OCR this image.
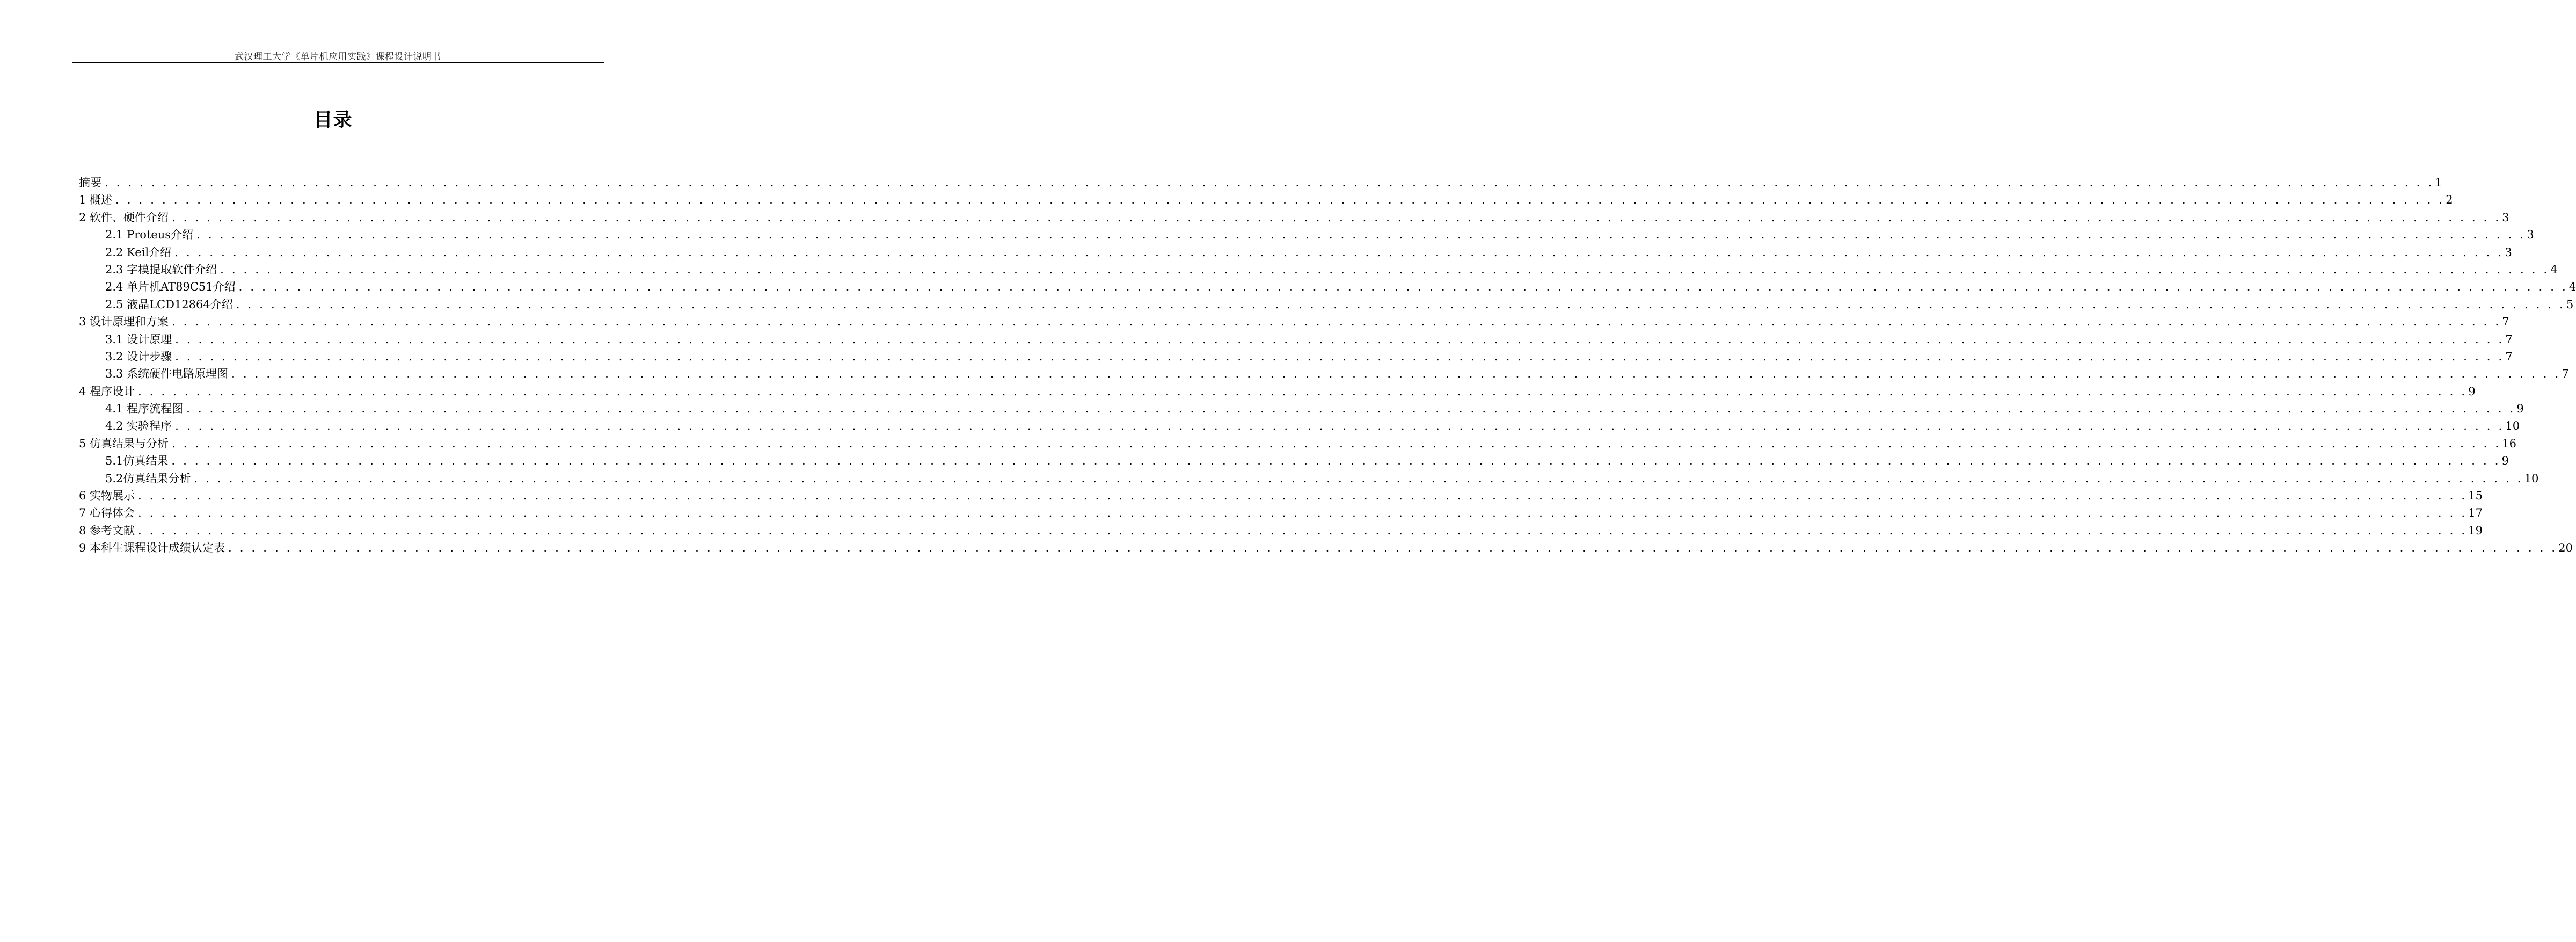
武汉理工大学《单片机应用实践》课程设计说明书
目录
摘要 . . . . . . . . . . . . . . . . . . . . . . . . . . . . . . . . . . . . . . . . . . . . . . . . . . . . . . . . . . . . . . . . . . . . . . . . . . . . . . . . . . . . . . . . . . . . . . . . . . . . . . . . . . . . . . . . . . . . . . . . . . . . . . . . . . . . . . . . . . . . . . . . . . . . . . . . . . . . . . . . . . . . . . . . . . . . . . . . . . . . . . . . . . . . . . . . . . . . . . . . 1
1 概述 . . . . . . . . . . . . . . . . . . . . . . . . . . . . . . . . . . . . . . . . . . . . . . . . . . . . . . . . . . . . . . . . . . . . . . . . . . . . . . . . . . . . . . . . . . . . . . . . . . . . . . . . . . . . . . . . . . . . . . . . . . . . . . . . . . . . . . . . . . . . . . . . . . . . . . . . . . . . . . . . . . . . . . . . . . . . . . . . . . . . . . . . . . . . . . . . . . . . . . . . 2
2 软件、硬件介绍 . . . . . . . . . . . . . . . . . . . . . . . . . . . . . . . . . . . . . . . . . . . . . . . . . . . . . . . . . . . . . . . . . . . . . . . . . . . . . . . . . . . . . . . . . . . . . . . . . . . . . . . . . . . . . . . . . . . . . . . . . . . . . . . . . . . . . . . . . . . . . . . . . . . . . . . . . . . . . . . . . . . . . . . . . . . . . . . . . . . . . . . . . . . . . . . . . . . . . . . . 3
2.1 Proteus介绍 . . . . . . . . . . . . . . . . . . . . . . . . . . . . . . . . . . . . . . . . . . . . . . . . . . . . . . . . . . . . . . . . . . . . . . . . . . . . . . . . . . . . . . . . . . . . . . . . . . . . . . . . . . . . . . . . . . . . . . . . . . . . . . . . . . . . . . . . . . . . . . . . . . . . . . . . . . . . . . . . . . . . . . . . . . . . . . . . . . . . . . . . . . . . . . . . . . . . . . . . 3
2.2 Keil介绍 . . . . . . . . . . . . . . . . . . . . . . . . . . . . . . . . . . . . . . . . . . . . . . . . . . . . . . . . . . . . . . . . . . . . . . . . . . . . . . . . . . . . . . . . . . . . . . . . . . . . . . . . . . . . . . . . . . . . . . . . . . . . . . . . . . . . . . . . . . . . . . . . . . . . . . . . . . . . . . . . . . . . . . . . . . . . . . . . . . . . . . . . . . . . . . . . . . . . . . . . 3
2.3 字模提取软件介绍 . . . . . . . . . . . . . . . . . . . . . . . . . . . . . . . . . . . . . . . . . . . . . . . . . . . . . . . . . . . . . . . . . . . . . . . . . . . . . . . . . . . . . . . . . . . . . . . . . . . . . . . . . . . . . . . . . . . . . . . . . . . . . . . . . . . . . . . . . . . . . . . . . . . . . . . . . . . . . . . . . . . . . . . . . . . . . . . . . . . . . . . . . . . . . . . . . . . . . . . . 4
2.4 单片机AT89C51介绍 . . . . . . . . . . . . . . . . . . . . . . . . . . . . . . . . . . . . . . . . . . . . . . . . . . . . . . . . . . . . . . . . . . . . . . . . . . . . . . . . . . . . . . . . . . . . . . . . . . . . . . . . . . . . . . . . . . . . . . . . . . . . . . . . . . . . . . . . . . . . . . . . . . . . . . . . . . . . . . . . . . . . . . . . . . . . . . . . . . . . . . . . . . . . . . . . . . . . . . . . 4
2.5 液晶LCD12864介绍 . . . . . . . . . . . . . . . . . . . . . . . . . . . . . . . . . . . . . . . . . . . . . . . . . . . . . . . . . . . . . . . . . . . . . . . . . . . . . . . . . . . . . . . . . . . . . . . . . . . . . . . . . . . . . . . . . . . . . . . . . . . . . . . . . . . . . . . . . . . . . . . . . . . . . . . . . . . . . . . . . . . . . . . . . . . . . . . . . . . . . . . . . . . . . . . . . . . . . . . . 5
3 设计原理和方案 . . . . . . . . . . . . . . . . . . . . . . . . . . . . . . . . . . . . . . . . . . . . . . . . . . . . . . . . . . . . . . . . . . . . . . . . . . . . . . . . . . . . . . . . . . . . . . . . . . . . . . . . . . . . . . . . . . . . . . . . . . . . . . . . . . . . . . . . . . . . . . . . . . . . . . . . . . . . . . . . . . . . . . . . . . . . . . . . . . . . . . . . . . . . . . . . . . . . . . . . 7
3.1 设计原理 . . . . . . . . . . . . . . . . . . . . . . . . . . . . . . . . . . . . . . . . . . . . . . . . . . . . . . . . . . . . . . . . . . . . . . . . . . . . . . . . . . . . . . . . . . . . . . . . . . . . . . . . . . . . . . . . . . . . . . . . . . . . . . . . . . . . . . . . . . . . . . . . . . . . . . . . . . . . . . . . . . . . . . . . . . . . . . . . . . . . . . . . . . . . . . . . . . . . . . . . 7
3.2 设计步骤 . . . . . . . . . . . . . . . . . . . . . . . . . . . . . . . . . . . . . . . . . . . . . . . . . . . . . . . . . . . . . . . . . . . . . . . . . . . . . . . . . . . . . . . . . . . . . . . . . . . . . . . . . . . . . . . . . . . . . . . . . . . . . . . . . . . . . . . . . . . . . . . . . . . . . . . . . . . . . . . . . . . . . . . . . . . . . . . . . . . . . . . . . . . . . . . . . . . . . . . . 7
3.3 系统硬件电路原理图 . . . . . . . . . . . . . . . . . . . . . . . . . . . . . . . . . . . . . . . . . . . . . . . . . . . . . . . . . . . . . . . . . . . . . . . . . . . . . . . . . . . . . . . . . . . . . . . . . . . . . . . . . . . . . . . . . . . . . . . . . . . . . . . . . . . . . . . . . . . . . . . . . . . . . . . . . . . . . . . . . . . . . . . . . . . . . . . . . . . . . . . . . . . . . . . . . . . . . . . . 7
4 程序设计 . . . . . . . . . . . . . . . . . . . . . . . . . . . . . . . . . . . . . . . . . . . . . . . . . . . . . . . . . . . . . . . . . . . . . . . . . . . . . . . . . . . . . . . . . . . . . . . . . . . . . . . . . . . . . . . . . . . . . . . . . . . . . . . . . . . . . . . . . . . . . . . . . . . . . . . . . . . . . . . . . . . . . . . . . . . . . . . . . . . . . . . . . . . . . . . . . . . . . . . . 9
4.1 程序流程图 . . . . . . . . . . . . . . . . . . . . . . . . . . . . . . . . . . . . . . . . . . . . . . . . . . . . . . . . . . . . . . . . . . . . . . . . . . . . . . . . . . . . . . . . . . . . . . . . . . . . . . . . . . . . . . . . . . . . . . . . . . . . . . . . . . . . . . . . . . . . . . . . . . . . . . . . . . . . . . . . . . . . . . . . . . . . . . . . . . . . . . . . . . . . . . . . . . . . . . . . 9
4.2 实验程序 . . . . . . . . . . . . . . . . . . . . . . . . . . . . . . . . . . . . . . . . . . . . . . . . . . . . . . . . . . . . . . . . . . . . . . . . . . . . . . . . . . . . . . . . . . . . . . . . . . . . . . . . . . . . . . . . . . . . . . . . . . . . . . . . . . . . . . . . . . . . . . . . . . . . . . . . . . . . . . . . . . . . . . . . . . . . . . . . . . . . . . . . . . . . . . . . . . . . . . . . 10
5 仿真结果与分析 . . . . . . . . . . . . . . . . . . . . . . . . . . . . . . . . . . . . . . . . . . . . . . . . . . . . . . . . . . . . . . . . . . . . . . . . . . . . . . . . . . . . . . . . . . . . . . . . . . . . . . . . . . . . . . . . . . . . . . . . . . . . . . . . . . . . . . . . . . . . . . . . . . . . . . . . . . . . . . . . . . . . . . . . . . . . . . . . . . . . . . . . . . . . . . . . . . . . . . . . 16
5.1仿真结果 . . . . . . . . . . . . . . . . . . . . . . . . . . . . . . . . . . . . . . . . . . . . . . . . . . . . . . . . . . . . . . . . . . . . . . . . . . . . . . . . . . . . . . . . . . . . . . . . . . . . . . . . . . . . . . . . . . . . . . . . . . . . . . . . . . . . . . . . . . . . . . . . . . . . . . . . . . . . . . . . . . . . . . . . . . . . . . . . . . . . . . . . . . . . . . . . . . . . . . . . 9
5.2仿真结果分析 . . . . . . . . . . . . . . . . . . . . . . . . . . . . . . . . . . . . . . . . . . . . . . . . . . . . . . . . . . . . . . . . . . . . . . . . . . . . . . . . . . . . . . . . . . . . . . . . . . . . . . . . . . . . . . . . . . . . . . . . . . . . . . . . . . . . . . . . . . . . . . . . . . . . . . . . . . . . . . . . . . . . . . . . . . . . . . . . . . . . . . . . . . . . . . . . . . . . . . . . 10
6 实物展示 . . . . . . . . . . . . . . . . . . . . . . . . . . . . . . . . . . . . . . . . . . . . . . . . . . . . . . . . . . . . . . . . . . . . . . . . . . . . . . . . . . . . . . . . . . . . . . . . . . . . . . . . . . . . . . . . . . . . . . . . . . . . . . . . . . . . . . . . . . . . . . . . . . . . . . . . . . . . . . . . . . . . . . . . . . . . . . . . . . . . . . . . . . . . . . . . . . . . . . . . 15
7 心得体会 . . . . . . . . . . . . . . . . . . . . . . . . . . . . . . . . . . . . . . . . . . . . . . . . . . . . . . . . . . . . . . . . . . . . . . . . . . . . . . . . . . . . . . . . . . . . . . . . . . . . . . . . . . . . . . . . . . . . . . . . . . . . . . . . . . . . . . . . . . . . . . . . . . . . . . . . . . . . . . . . . . . . . . . . . . . . . . . . . . . . . . . . . . . . . . . . . . . . . . . . 17
8 参考文献 . . . . . . . . . . . . . . . . . . . . . . . . . . . . . . . . . . . . . . . . . . . . . . . . . . . . . . . . . . . . . . . . . . . . . . . . . . . . . . . . . . . . . . . . . . . . . . . . . . . . . . . . . . . . . . . . . . . . . . . . . . . . . . . . . . . . . . . . . . . . . . . . . . . . . . . . . . . . . . . . . . . . . . . . . . . . . . . . . . . . . . . . . . . . . . . . . . . . . . . . 19
9 本科生课程设计成绩认定表 . . . . . . . . . . . . . . . . . . . . . . . . . . . . . . . . . . . . . . . . . . . . . . . . . . . . . . . . . . . . . . . . . . . . . . . . . . . . . . . . . . . . . . . . . . . . . . . . . . . . . . . . . . . . . . . . . . . . . . . . . . . . . . . . . . . . . . . . . . . . . . . . . . . . . . . . . . . . . . . . . . . . . . . . . . . . . . . . . . . . . . . . . . . . . . . . . . . . . . . . 20
